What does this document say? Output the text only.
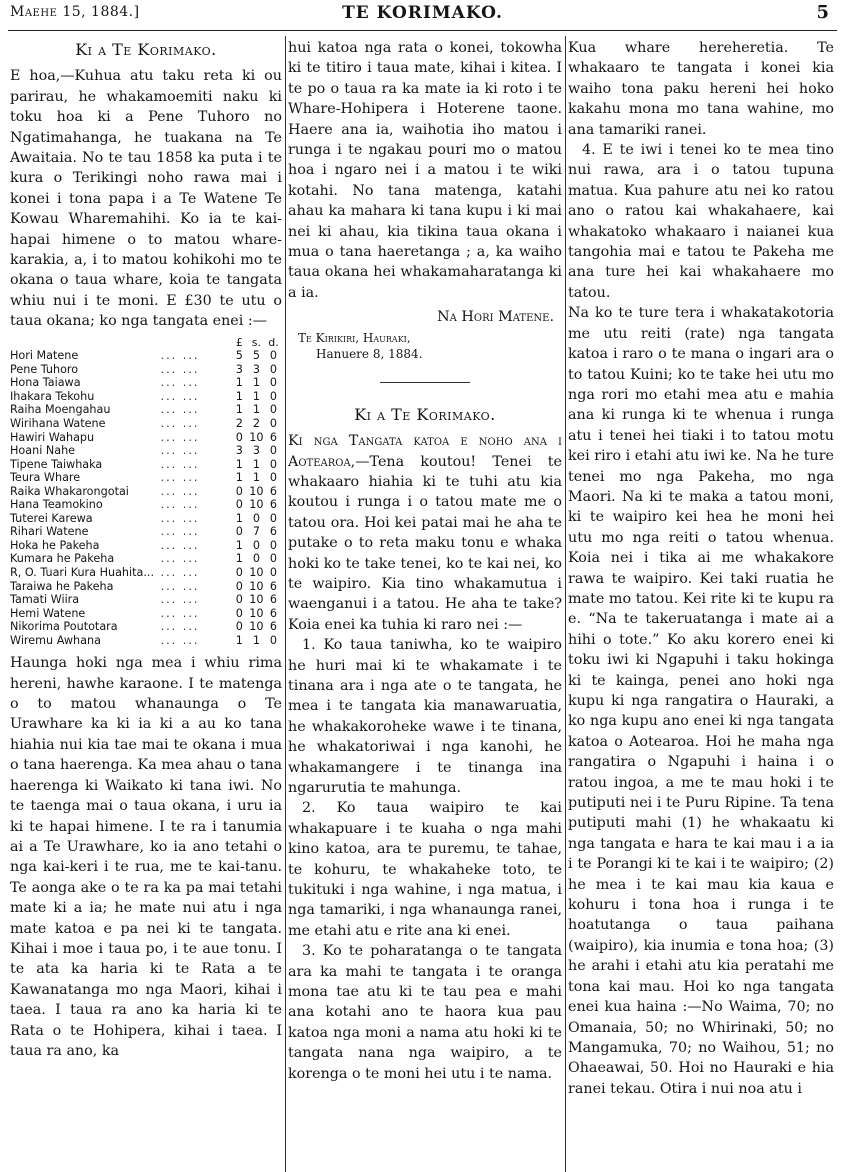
Maehe 15, 1884.]	TE KORIMAKO.	5
Ki a Te Korimako.

E hoa,—Kuhua atu taku reta ki ou parirau, he whakamoemiti naku ki toku hoa ki a Pene Tuhoro no Ngatimahanga, he tuakana na Te Awaitaia. No te tau 1858 ka puta i te kura o Terikingi noho rawa mai i konei i tona papa i a Te Watene Te Kowau Wharemahihi. Ko ia te kai-hapai himene o to matou whare-karakia, a, i to matou kohikohi mo te okana o taua whare, koia te tangata whiu nui i te moni. E £30 te utu o taua okana; ko nga tangata enei :—

		£	s.	d.
Hori Matene	... ...	5	5	0
Pene Tuhoro	... ...	3	3	0
Hona Taiawa	... ...	1	1	0
Ihakara Tekohu	... ...	1	1	0
Raiha Moengahau	... ...	1	1	0
Wirihana Watene	... ...	2	2	0
Hawiri Wahapu	... ...	0	10	6
Hoani Nahe	... ...	3	3	0
Tipene Taiwhaka	... ...	1	1	0
Teura Whare	... ...	1	1	0
Raika Whakarongotai	... ...	0	10	6
Hana Teamokino	... ...	0	10	6
Tuterei Karewa	... ...	1	0	0
Rihari Watene	... ...	0	7	6
Hoka he Pakeha	... ...	1	0	0
Kumara he Pakeha	... ...	1	0	0
R, O. Tuari Kura Huahita...	... ...	0	10	0
Taraiwa he Pakeha	... ...	0	10	6
Tamati Wiira	... ...	0	10	6
Hemi Watene	... ...	0	10	6
Nikorima Poutotara	... ...	0	10	6
Wiremu Awhana	... ...	1	1	0

Haunga hoki nga mea i whiu rima hereni, hawhe karaone. I te matenga o to matou whanaunga o Te Urawhare ka ki ia ki a au ko tana hiahia nui kia tae mai te okana i mua o tana haerenga. Ka mea ahau o tana haerenga ki Waikato ki tana iwi. No te taenga mai o taua okana, i uru ia ki te hapai himene. I te ra i tanumia ai a Te Urawhare, ko ia ano tetahi o nga kai-keri i te rua, me te kai-tanu. Te aonga ake o te ra ka pa mai tetahi mate ki a ia; he mate nui atu i nga mate katoa e pa nei ki te tangata. Kihai i moe i taua po, i te aue tonu. I te ata ka haria ki te Rata a te Kawanatanga mo nga Maori, kihai i taea. I taua ra ano ka haria ki te Rata o te Hohipera, kihai i taea. I taua ra ano, ka

hui katoa nga rata o konei, tokowha ki te titiro i taua mate, kihai i kitea. I te po o taua ra ka mate ia ki roto i te Whare-Hohipera i Hoterene taone. Haere ana ia, waihotia iho matou i runga i te ngakau pouri mo o matou hoa i ngaro nei i a matou i te wiki kotahi. No tana matenga, katahi ahau ka mahara ki tana kupu i ki mai nei ki ahau, kia tikina taua okana i mua o tana haeretanga ; a, ka waiho taua okana hei whakamaharatanga ki a ia.

Na Hori Matene.
Te Kirikiri, Hauraki,
Hanuere 8, 1884.
Ki a Te Korimako.

Ki nga Tangata katoa e noho ana i Aotearoa,—Tena koutou! Tenei te whakaaro hiahia ki te tuhi atu kia koutou i runga i o tatou mate me o tatou ora. Hoi kei patai mai he aha te putake o to reta maku tonu e whaka hoki ko te take tenei, ko te kai nei, ko te waipiro. Kia tino whakamutua i waenganui i a tatou. He aha te take? Koia enei ka tuhia ki raro nei :—

1. Ko taua taniwha, ko te waipiro he huri mai ki te whakamate i te tinana ara i nga ate o te tangata, he mea i te tangata kia manawaruatia, he whakakoroheke wawe i te tinana, he whakatoriwai i nga kanohi, he whakamangere i te tinanga ina ngarurutia te mahunga.

2. Ko taua waipiro te kai whakapuare i te kuaha o nga mahi kino katoa, ara te puremu, te tahae, te kohuru, te whakaheke toto, te tukituki i nga wahine, i nga matua, i nga tamariki, i nga whanaunga ranei, me etahi atu e rite ana ki enei.

3. Ko te poharatanga o te tangata ara ka mahi te tangata i te oranga mona tae atu ki te tau pea e mahi ana kotahi ano te haora kua pau katoa nga moni a nama atu hoki ki te tangata nana nga waipiro, a te korenga o te moni hei utu i te nama.

Kua whare hereheretia. Te whakaaro te tangata i konei kia waiho tona paku hereni hei hoko kakahu mona mo tana wahine, mo ana tamariki ranei.

4. E te iwi i tenei ko te mea tino nui rawa, ara i o tatou tupuna matua. Kua pahure atu nei ko ratou ano o ratou kai whakahaere, kai whakatoko whakaaro i naianei kua tangohia mai e tatou te Pakeha me ana ture hei kai whakahaere mo tatou.

Na ko te ture tera i whakatakotoria me utu reiti (rate) nga tangata katoa i raro o te mana o ingari ara o to tatou Kuini; ko te take hei utu mo nga rori mo etahi mea atu e mahia ana ki runga ki te whenua i runga atu i tenei hei tiaki i to tatou motu kei riro i etahi atu iwi ke. Na he ture tenei mo nga Pakeha, mo nga Maori. Na ki te maka a tatou moni, ki te waipiro kei hea he moni hei utu mo nga reiti o tatou whenua. Koia nei i tika ai me whakakore rawa te waipiro. Kei taki ruatia he mate mo tatou. Kei rite ki te kupu ra e. “Na te takeruatanga i mate ai a hihi o tote.” Ko aku korero enei ki toku iwi ki Ngapuhi i taku hokinga ki te kainga, penei ano hoki nga kupu ki nga rangatira o Hauraki, a ko nga kupu ano enei ki nga tangata katoa o Aotearoa. Hoi he maha nga rangatira o Ngapuhi i haina i o ratou ingoa, a me te mau hoki i te putiputi nei i te Puru Ripine. Ta tena putiputi mahi (1) he whakaatu ki nga tangata e hara te kai mau i a ia i te Porangi ki te kai i te waipiro; (2) he mea i te kai mau kia kaua e kohuru i tona hoa i runga i te hoatutanga o taua paihana (waipiro), kia inumia e tona hoa; (3) he arahi i etahi atu kia peratahi me tona kai mau. Hoi ko nga tangata enei kua haina :—No Waima, 70; no Omanaia, 50; no Whirinaki, 50; no Mangamuka, 70; no Waihou, 51; no Ohaeawai, 50. Hoi no Hauraki e hia ranei tekau. Otira i nui noa atu i
